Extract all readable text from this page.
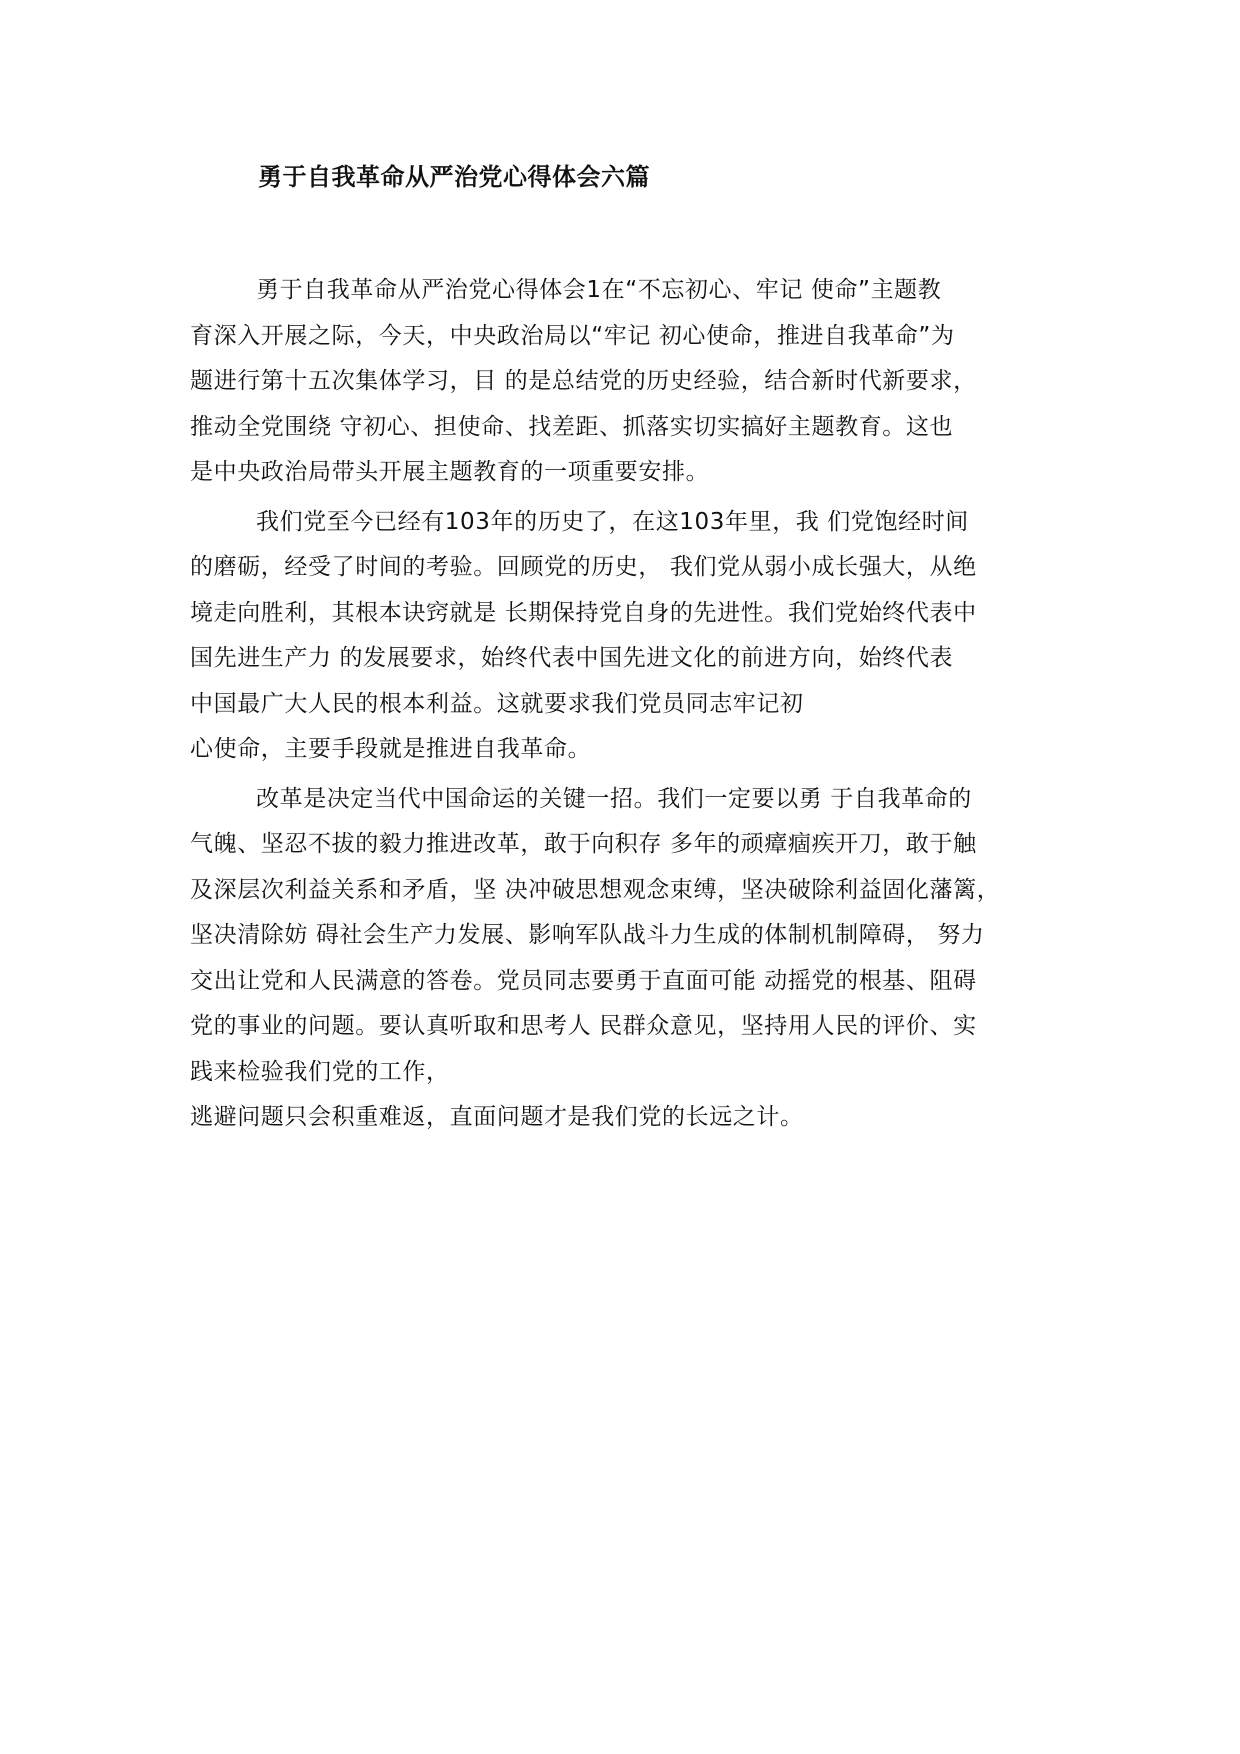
勇于自我革命从严治党心得体会六篇

勇于自我革命从严治党心得体会1在“不忘初心、牢记 使命”主题教
育深入开展之际，今天，中央政治局以“牢记 初心使命，推进自我革命”为
题进行第十五次集体学习，目 的是总结党的历史经验，结合新时代新要求，
推动全党围绕 守初心、担使命、找差距、抓落实切实搞好主题教育。这也
是中央政治局带头开展主题教育的一项重要安排。

我们党至今已经有103年的历史了，在这103年里，我 们党饱经时间
的磨砺，经受了时间的考验。回顾党的历史， 我们党从弱小成长强大，从绝
境走向胜利，其根本诀窍就是 长期保持党自身的先进性。我们党始终代表中
国先进生产力 的发展要求，始终代表中国先进文化的前进方向，始终代表
中国最广大人民的根本利益。这就要求我们党员同志牢记初
心使命，主要手段就是推进自我革命。

改革是决定当代中国命运的关键一招。我们一定要以勇 于自我革命的
气魄、坚忍不拔的毅力推进改革，敢于向积存 多年的顽瘴痼疾开刀，敢于触
及深层次利益关系和矛盾，坚 决冲破思想观念束缚，坚决破除利益固化藩篱，
坚决清除妨 碍社会生产力发展、影响军队战斗力生成的体制机制障碍， 努力
交出让党和人民满意的答卷。党员同志要勇于直面可能 动摇党的根基、阻碍
党的事业的问题。要认真听取和思考人 民群众意见，坚持用人民的评价、实
践来检验我们党的工作，
逃避问题只会积重难返，直面问题才是我们党的长远之计。
